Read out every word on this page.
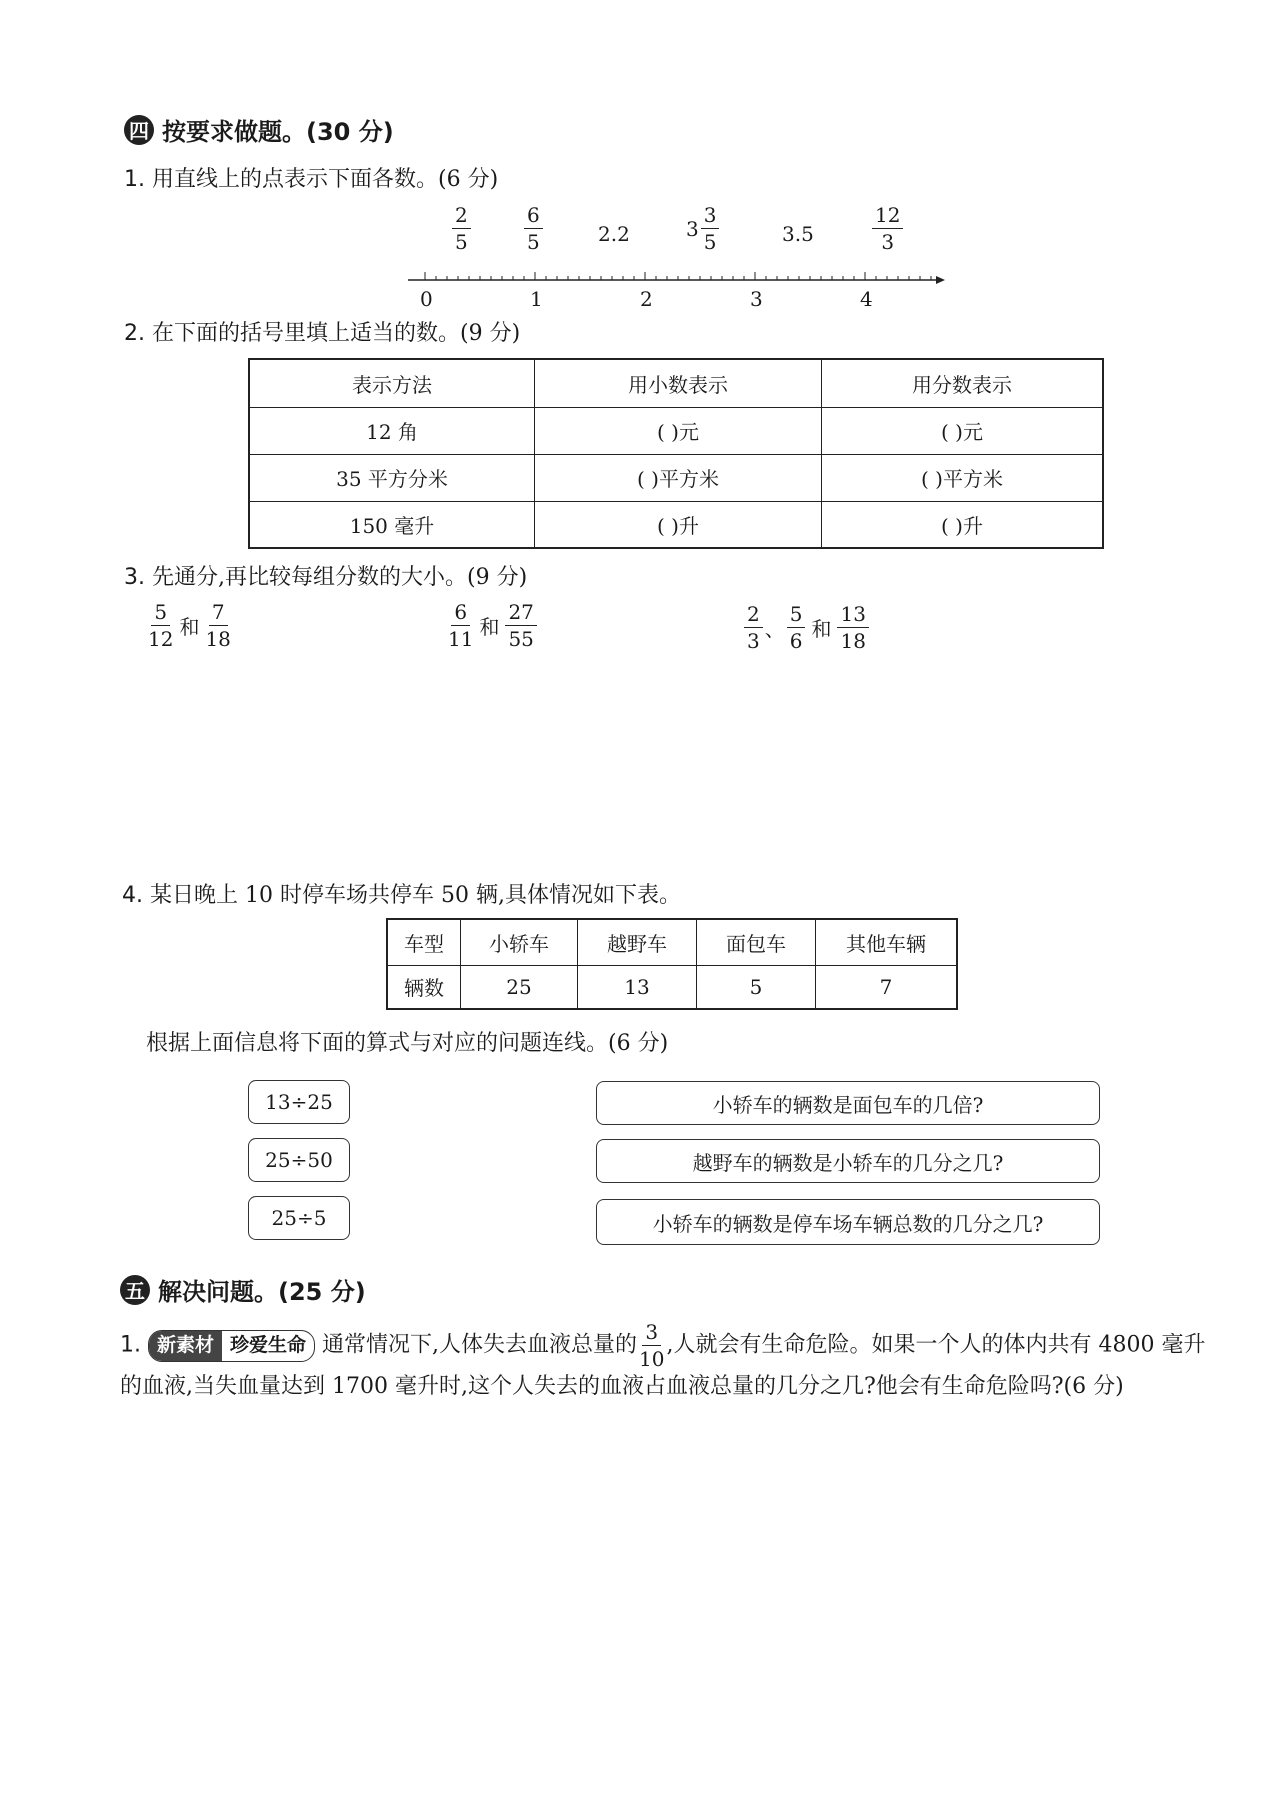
四 按要求做题。(30 分)
1. 用直线上的点表示下面各数。(6 分)
$\frac{2}{5}$	$\frac{6}{5}$	2.2	$3 \frac{3}{5}$	3.5	$\frac{12}{3}$
0	1	2	3	4
2. 在下面的括号里填上适当的数。(9 分)
表示方法	用小数表示	用分数表示
12 角	( )元	( )元
35 平方分米	( )平方米	( )平方米
150 毫升	( )升	( )升
3. 先通分,再比较每组分数的大小。(9 分)
$\frac{5}{12}$ 和 $\frac{7}{18}$	$\frac{6}{11}$ 和 $\frac{27}{55}$	$\frac{2}{3}$ 、 $\frac{5}{6}$ 和 $\frac{13}{18}$
4. 某日晚上 10 时停车场共停车 50 辆,具体情况如下表。
车型	小轿车	越野车	面包车	其他车辆
辆数	25	13	5	7
根据上面信息将下面的算式与对应的问题连线。(6 分)
13÷25
25÷50
25÷5
小轿车的辆数是面包车的几倍?
越野车的辆数是小轿车的几分之几?
小轿车的辆数是停车场车辆总数的几分之几?
五 解决问题。(25 分)
1. 新素材 珍爱生命 通常情况下,人体失去血液总量的 $\frac{3}{10}$ ,人就会有生命危险。如果一个人的体内共有 4800 毫升的血液,当失血量达到 1700 毫升时,这个人失去的血液占血液总量的几分之几?他会有生命危险吗?(6 分)
